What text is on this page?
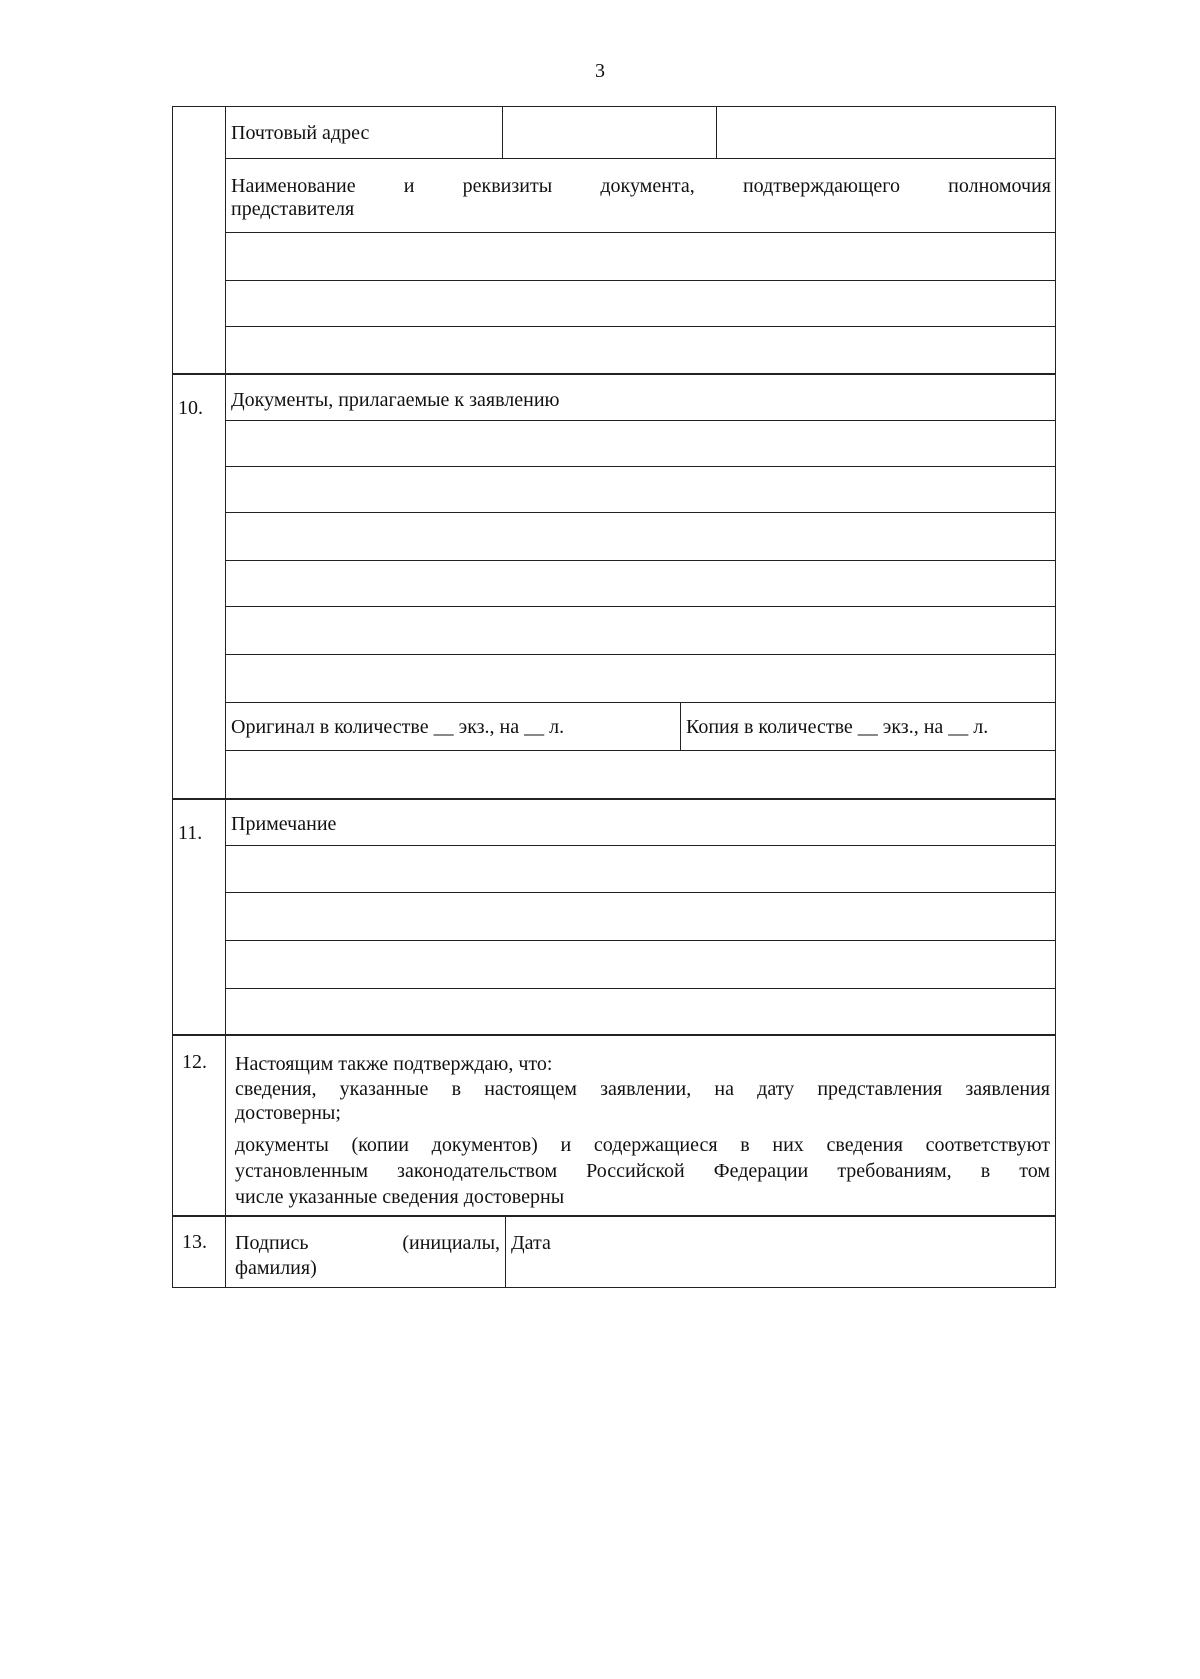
3
Почтовый адрес
Наименование и реквизиты документа, подтверждающего полномочия
представителя
10. Документы, прилагаемые к заявлению
Оригинал в количестве __ экз., на __ л.	Копия в количестве __ экз., на __ л.
11. Примечание
12. Настоящим также подтверждаю, что:
сведения, указанные в настоящем заявлении, на дату представления заявления
достоверны;
документы (копии документов) и содержащиеся в них сведения соответствуют
установленным законодательством Российской Федерации требованиям, в том
числе указанные сведения достоверны
13. Подпись (инициалы,
фамилия)
Дата
